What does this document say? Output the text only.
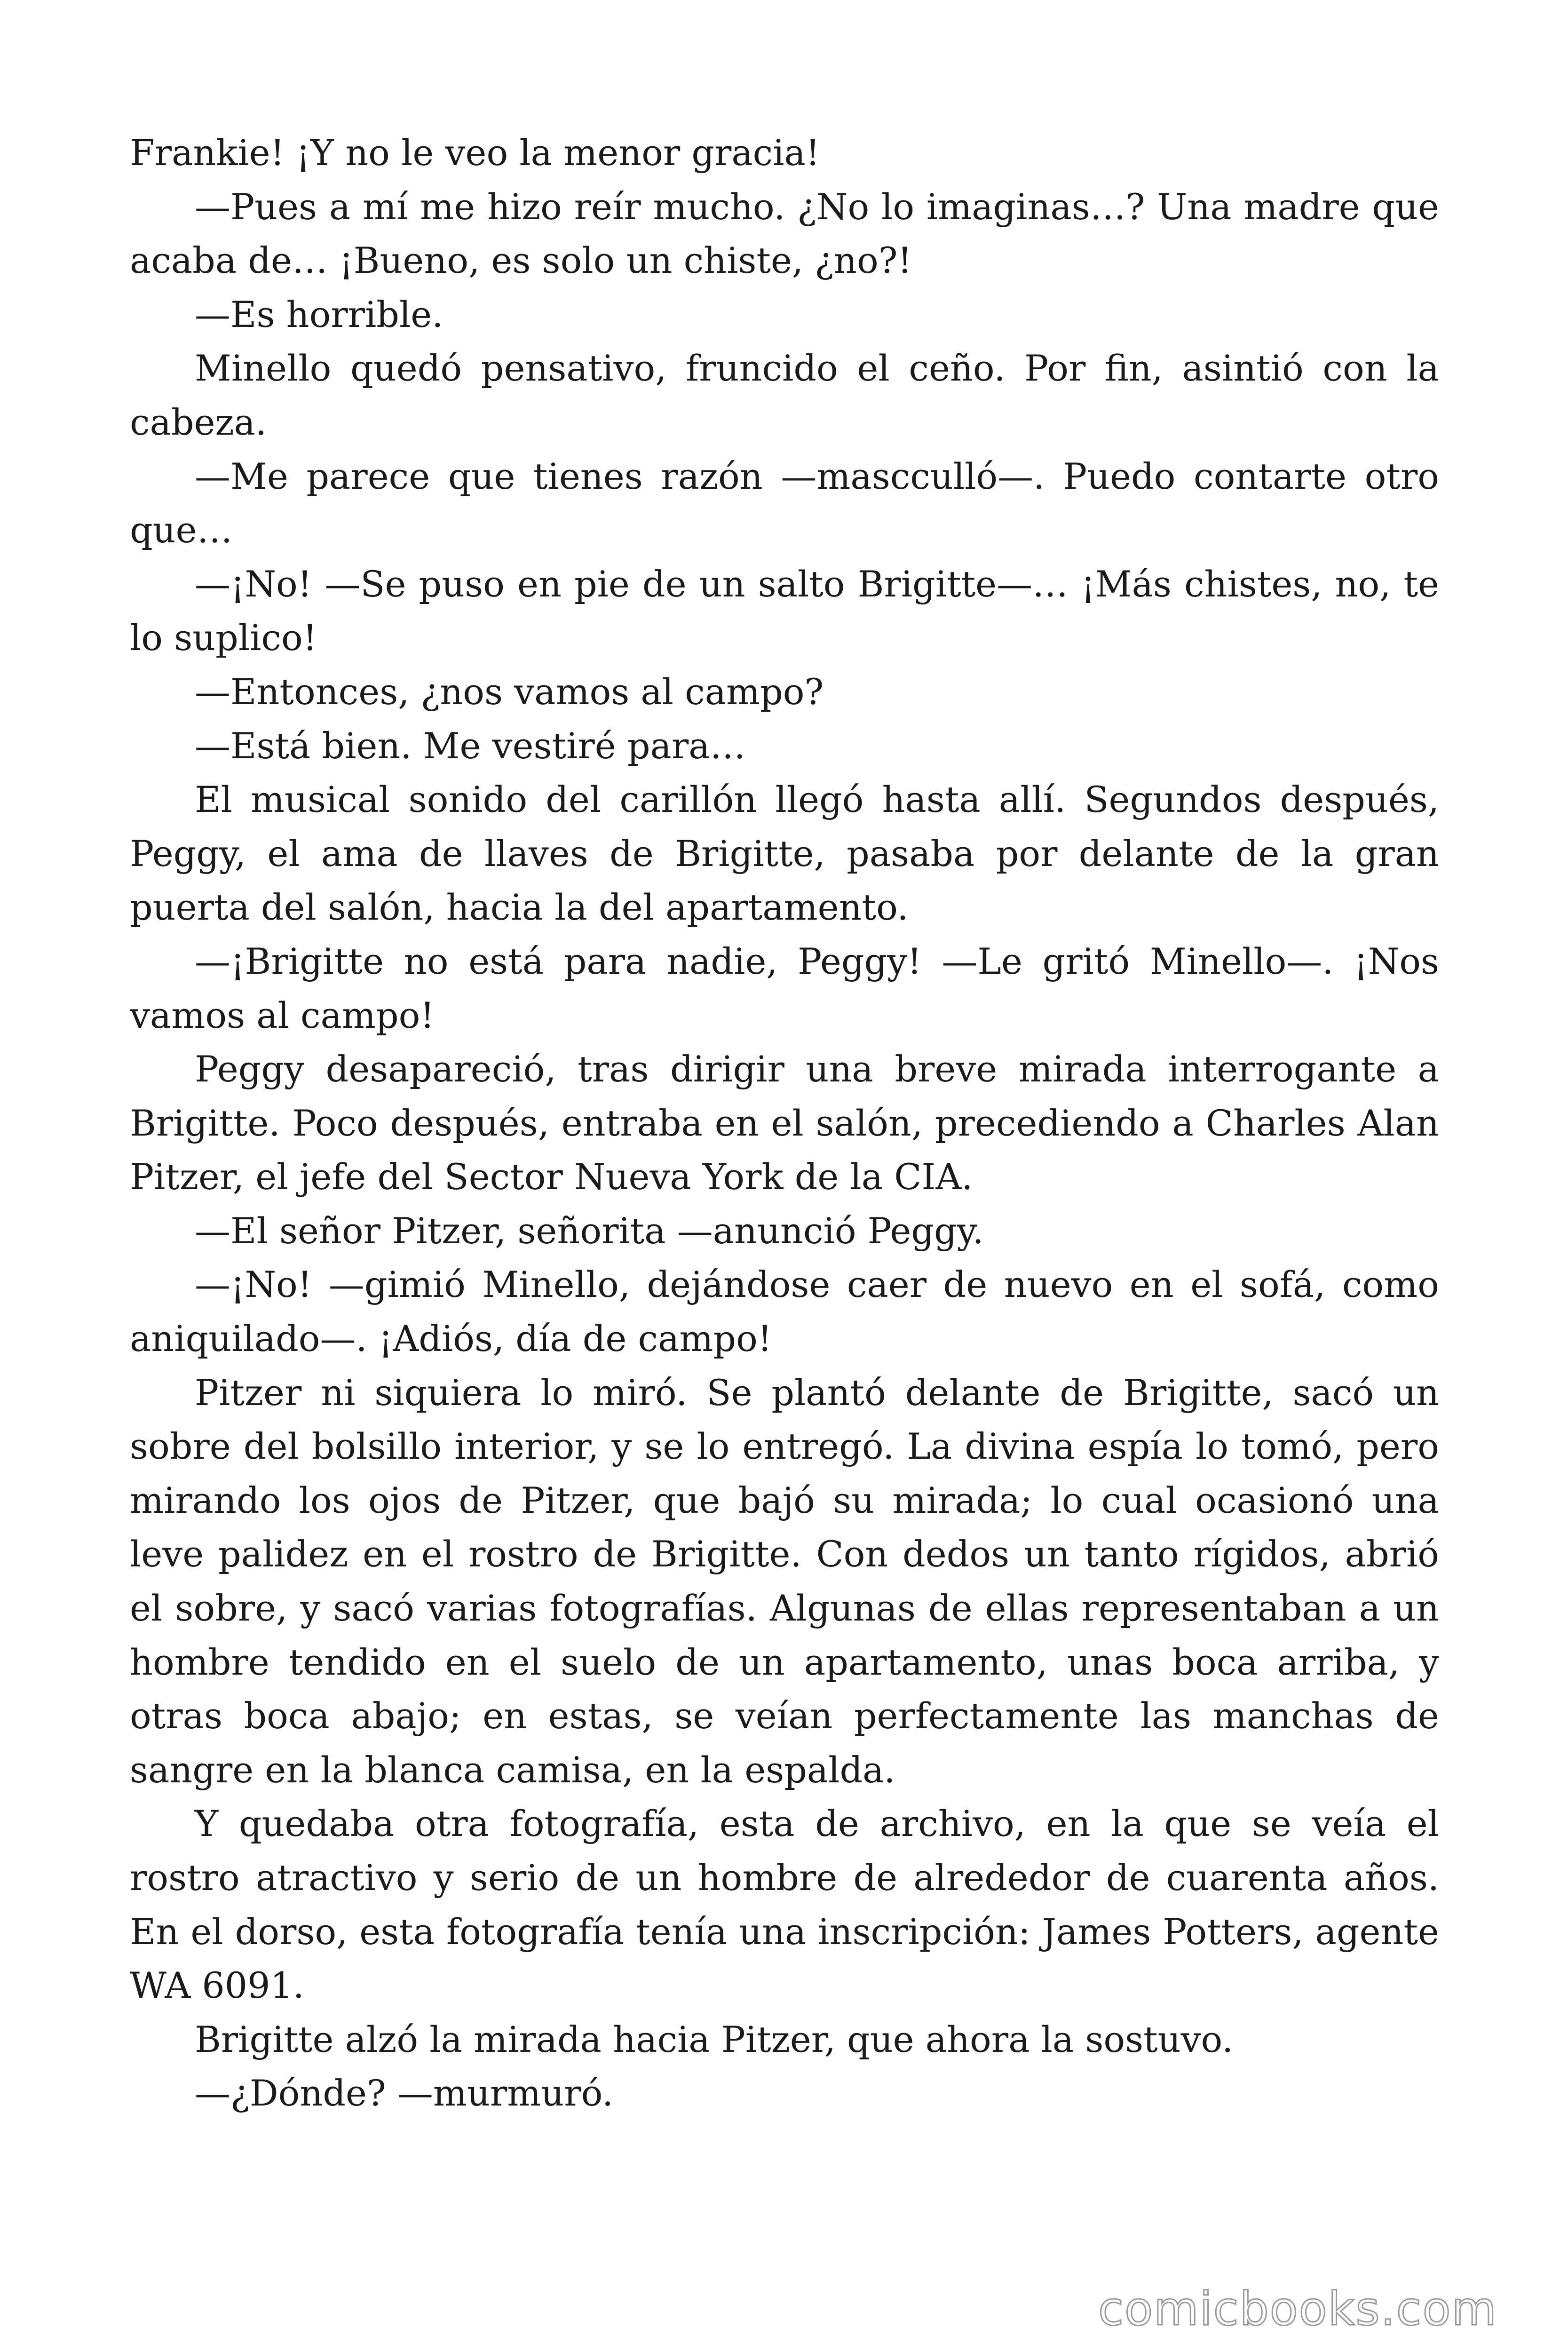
Frankie! ¡Y no le veo la menor gracia!

—Pues a mí me hizo reír mucho. ¿No lo imaginas…? Una madre que acaba de… ¡Bueno, es solo un chiste, ¿no?!

—Es horrible.

Minello quedó pensativo, fruncido el ceño. Por fin, asintió con la cabeza.

—Me parece que tienes razón —mascculló—. Puedo contarte otro que…

—¡No! —Se puso en pie de un salto Brigitte—… ¡Más chistes, no, te lo suplico!

—Entonces, ¿nos vamos al campo?

—Está bien. Me vestiré para…

El musical sonido del carillón llegó hasta allí. Segundos después, Peggy, el ama de llaves de Brigitte, pasaba por delante de la gran puerta del salón, hacia la del apartamento.

—¡Brigitte no está para nadie, Peggy! —Le gritó Minello—. ¡Nos vamos al campo!

Peggy desapareció, tras dirigir una breve mirada interrogante a Brigitte. Poco después, entraba en el salón, precediendo a Charles Alan Pitzer, el jefe del Sector Nueva York de la CIA.

—El señor Pitzer, señorita —anunció Peggy.

—¡No! —gimió Minello, dejándose caer de nuevo en el sofá, como aniquilado—. ¡Adiós, día de campo!

Pitzer ni siquiera lo miró. Se plantó delante de Brigitte, sacó un sobre del bolsillo interior, y se lo entregó. La divina espía lo tomó, pero mirando los ojos de Pitzer, que bajó su mirada; lo cual ocasionó una leve palidez en el rostro de Brigitte. Con dedos un tanto rígidos, abrió el sobre, y sacó varias fotografías. Algunas de ellas representaban a un hombre tendido en el suelo de un apartamento, unas boca arriba, y otras boca abajo; en estas, se veían perfectamente las manchas de sangre en la blanca camisa, en la espalda.

Y quedaba otra fotografía, esta de archivo, en la que se veía el rostro atractivo y serio de un hombre de alrededor de cuarenta años. En el dorso, esta fotografía tenía una inscripción: James Potters, agente WA 6091.

Brigitte alzó la mirada hacia Pitzer, que ahora la sostuvo.

—¿Dónde? —murmuró.

comicbooks.com
